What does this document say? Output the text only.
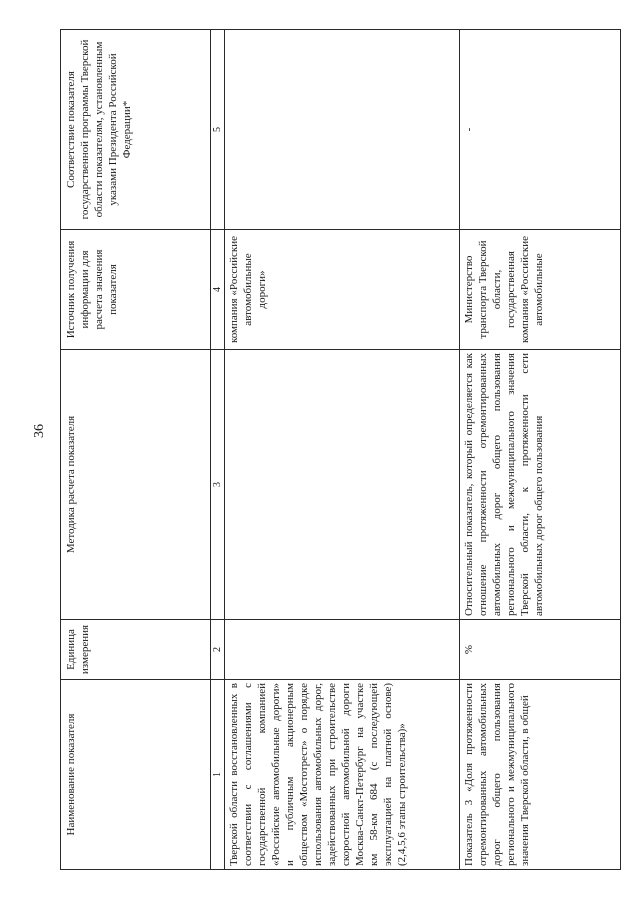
36
Наименование показателя	Единица измерения	Методика расчета показателя	Источник получения информации для расчета значения показателя	Соответствие показателя государственной программы Тверской области показателям, установленным указами Президента Российской Федерации*
1	2	3	4	5
Тверской области восстановленных в соответствии с соглашениями с государственной компанией «Российские автомобильные дороги» и публичным акционерным обществом «Мостотрест» о порядке использования автомобильных дорог, задействованных при строительстве скоростной автомобильной дороги Москва-Санкт-Петербург на участке км 58-км 684 (с последующей эксплуатацией на платной основе) (2,4,5,6 этапы строительства)»			компания «Российские автомобильные дороги»	
Показатель 3 «Доля протяженности отремонтированных автомобильных дорог общего пользования регионального и межмуниципального значения Тверской области, в общей	%	Относительный показатель, который определяется как отношение протяженности отремонтированных автомобильных дорог общего пользования регионального и межмуниципального значения Тверской области, к протяженности сети автомобильных дорог общего пользования	Министерство транспорта Тверской области, государственная компания «Российские автомобильные	-
